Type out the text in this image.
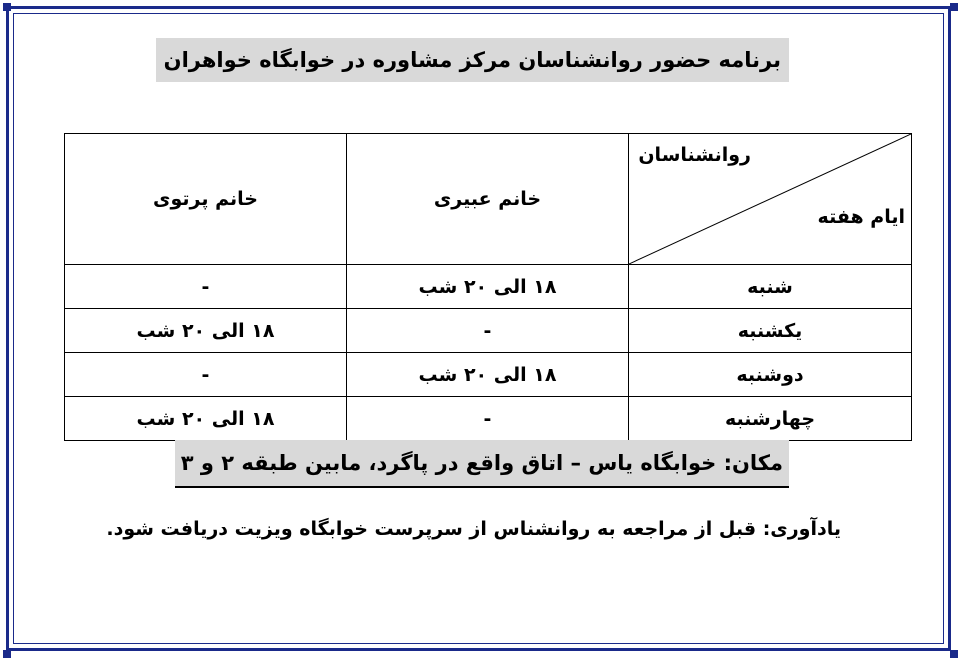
برنامه حضور روانشناسان مرکز مشاوره در خوابگاه خواهران
روانشناسان
ایام هفته	خانم عبیری	خانم پرتوی
شنبه	۱۸ الی ۲۰ شب	-
یکشنبه	-	۱۸ الی ۲۰ شب
دوشنبه	۱۸ الی ۲۰ شب	-
چهارشنبه	-	۱۸ الی ۲۰ شب
مکان: خوابگاه یاس – اتاق واقع در پاگرد، مابین طبقه ۲ و ۳
یادآوری: قبل از مراجعه به روانشناس از سرپرست خوابگاه ویزیت دریافت شود.
